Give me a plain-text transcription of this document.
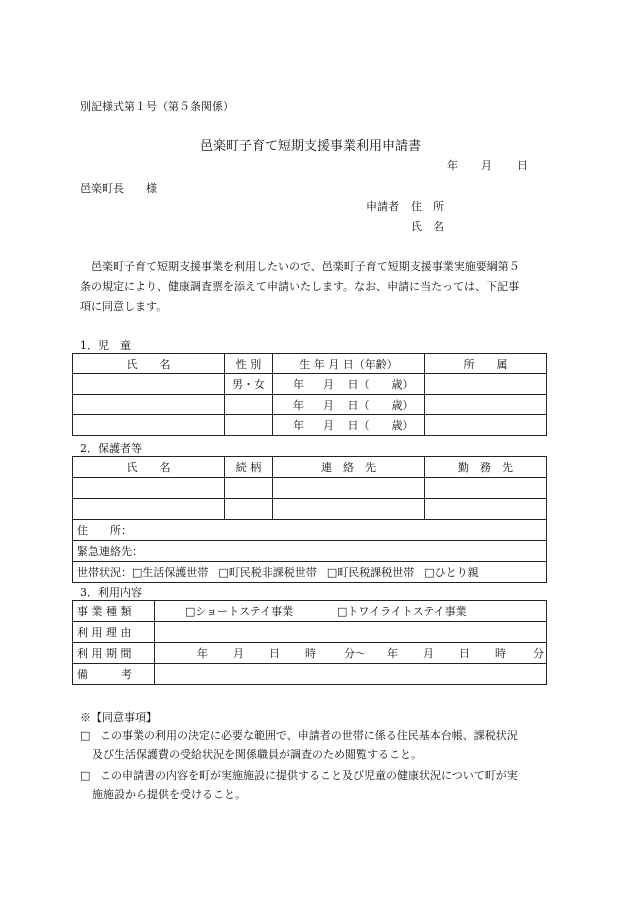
別記様式第１号（第５条関係）
邑楽町子育て短期支援事業利用申請書
年 月 日
邑楽町長　　様
申請者 住　所
氏　名
　邑楽町子育て短期支援事業を利用したいので、邑楽町子育て短期支援事業実施要綱第５
条の規定により、健康調査票を添えて申請いたします。なお、申請に当たっては、下記事
項に同意します。
1．児　童
氏　　名	性 別	生 年 月 日（年齢）	所　　属
	男・女	年 月 日（ 歳）	
		年 月 日（ 歳）	
		年 月 日（ 歳）	
2．保護者等
氏　　名	続 柄	連　絡　先	勤　務　先

住　　所：			
緊急連絡先：			
世帯状況：□生活保護世帯 □町民税非課税世帯 □町民税課税世帯 □ひとり親			
3．利用内容
事 業 種 類	□ショートステイ事業 □トワイライトステイ事業
利 用 理 由	
利 用 期 間	年 月 日 時 分〜 年 月 日 時 分
備　　　考	
※【同意事項】
□ この事業の利用の決定に必要な範囲で、申請者の世帯に係る住民基本台帳、課税状況
及び生活保護費の受給状況を関係職員が調査のため閲覧すること。
□ この申請書の内容を町が実施施設に提供すること及び児童の健康状況について町が実
施施設から提供を受けること。
